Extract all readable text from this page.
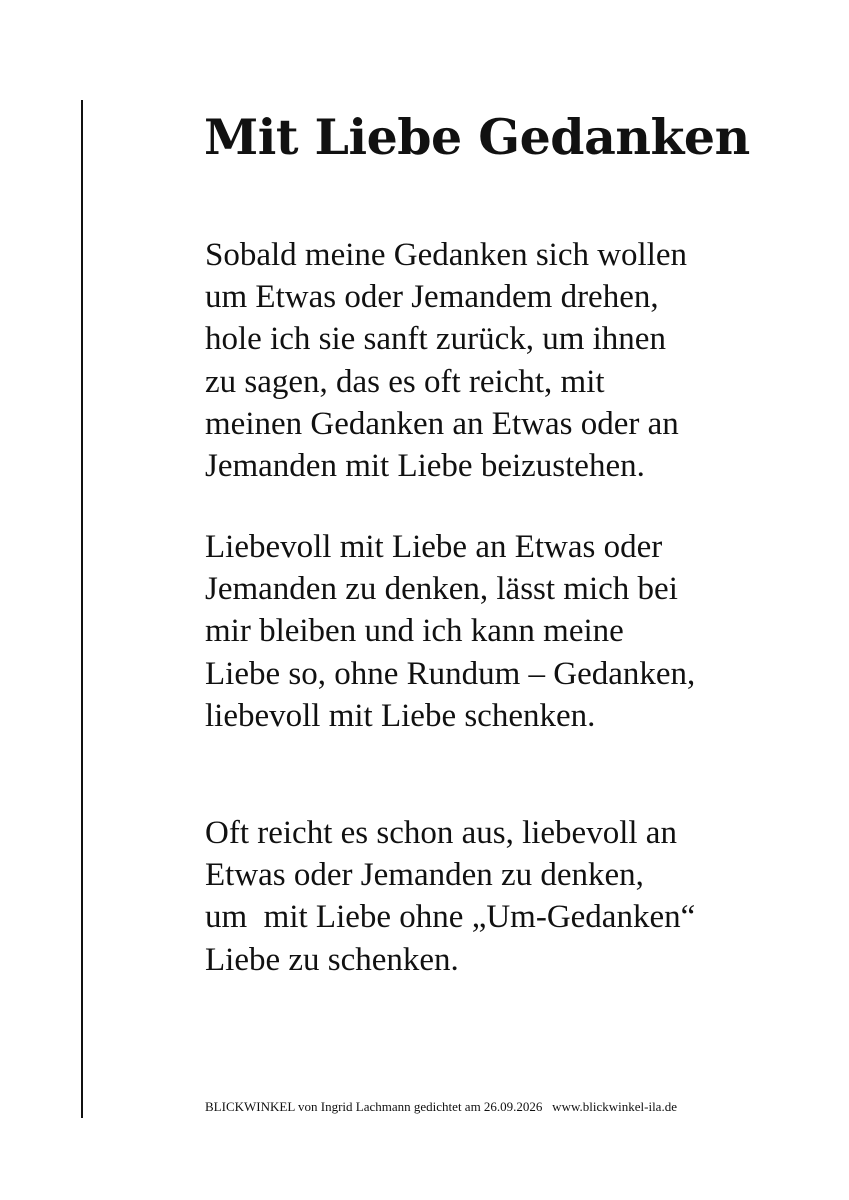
Mit Liebe Gedanken

Sobald meine Gedanken sich wollen
um Etwas oder Jemandem drehen,
hole ich sie sanft zurück, um ihnen
zu sagen, das es oft reicht, mit
meinen Gedanken an Etwas oder an
Jemanden mit Liebe beizustehen.

Liebevoll mit Liebe an Etwas oder
Jemanden zu denken, lässt mich bei
mir bleiben und ich kann meine
Liebe so, ohne Rundum – Gedanken,
liebevoll mit Liebe schenken.

Oft reicht es schon aus, liebevoll an
Etwas oder Jemanden zu denken,
um  mit Liebe ohne „Um-Gedanken“
Liebe zu schenken.

BLICKWINKEL von Ingrid Lachmann gedichtet am 26.09.2026   www.blickwinkel-ila.de
